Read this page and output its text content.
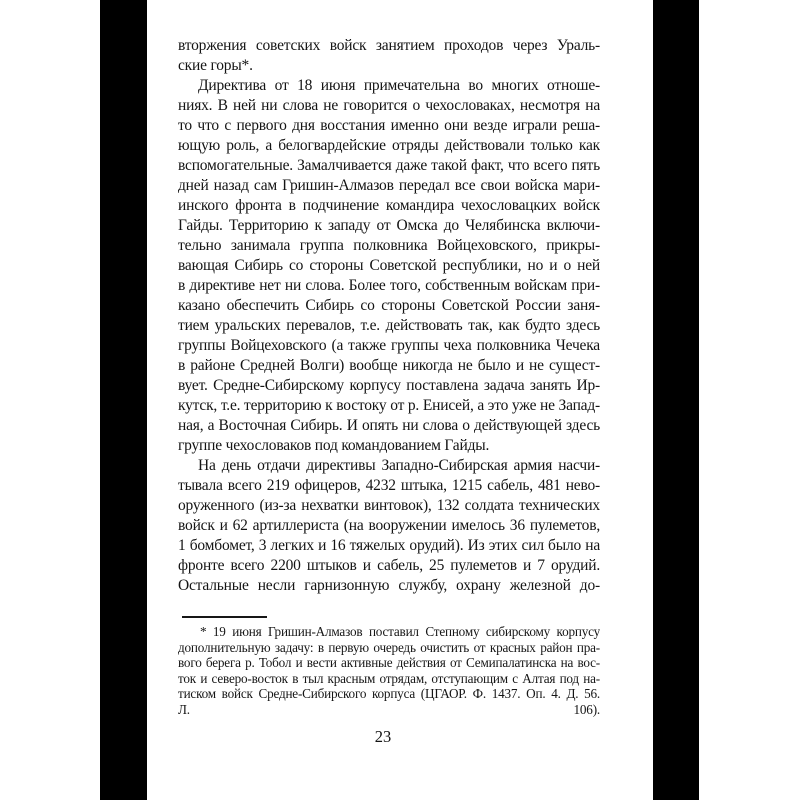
вторжения советских войск занятием проходов через Ураль-
ские горы*.
Директива от 18 июня примечательна во многих отноше-
ниях. В ней ни слова не говорится о чехословаках, несмотря на
то что с первого дня восстания именно они везде играли реша-
ющую роль, а белогвардейские отряды действовали только как
вспомогательные. Замалчивается даже такой факт, что всего пять
дней назад сам Гришин-Алмазов передал все свои войска мари-
инского фронта в подчинение командира чехословацких войск
Гайды. Территорию к западу от Омска до Челябинска включи-
тельно занимала группа полковника Войцеховского, прикры-
вающая Сибирь со стороны Советской республики, но и о ней
в директиве нет ни слова. Более того, собственным войскам при-
казано обеспечить Сибирь со стороны Советской России заня-
тием уральских перевалов, т.е. действовать так, как будто здесь
группы Войцеховского (а также группы чеха полковника Чечека
в районе Средней Волги) вообще никогда не было и не сущест-
вует. Средне-Сибирскому корпусу поставлена задача занять Ир-
кутск, т.е. территорию к востоку от р. Енисей, а это уже не Запад-
ная, а Восточная Сибирь. И опять ни слова о действующей здесь
группе чехословаков под командованием Гайды.
На день отдачи директивы Западно-Сибирская армия насчи-
тывала всего 219 офицеров, 4232 штыка, 1215 сабель, 481 нево-
оруженного (из-за нехватки винтовок), 132 солдата технических
войск и 62 артиллериста (на вооружении имелось 36 пулеметов,
1 бомбомет, 3 легких и 16 тяжелых орудий). Из этих сил было на
фронте всего 2200 штыков и сабель, 25 пулеметов и 7 орудий.
Остальные несли гарнизонную службу, охрану железной до-
* 19 июня Гришин-Алмазов поставил Степному сибирскому корпусу
дополнительную задачу: в первую очередь очистить от красных район пра-
вого берега р. Тобол и вести активные действия от Семипалатинска на вос-
ток и северо-восток в тыл красным отрядам, отступающим с Алтая под на-
тиском войск Средне-Сибирского корпуса (ЦГАОР. Ф. 1437. Оп. 4. Д. 56.
Л. 106).
23
